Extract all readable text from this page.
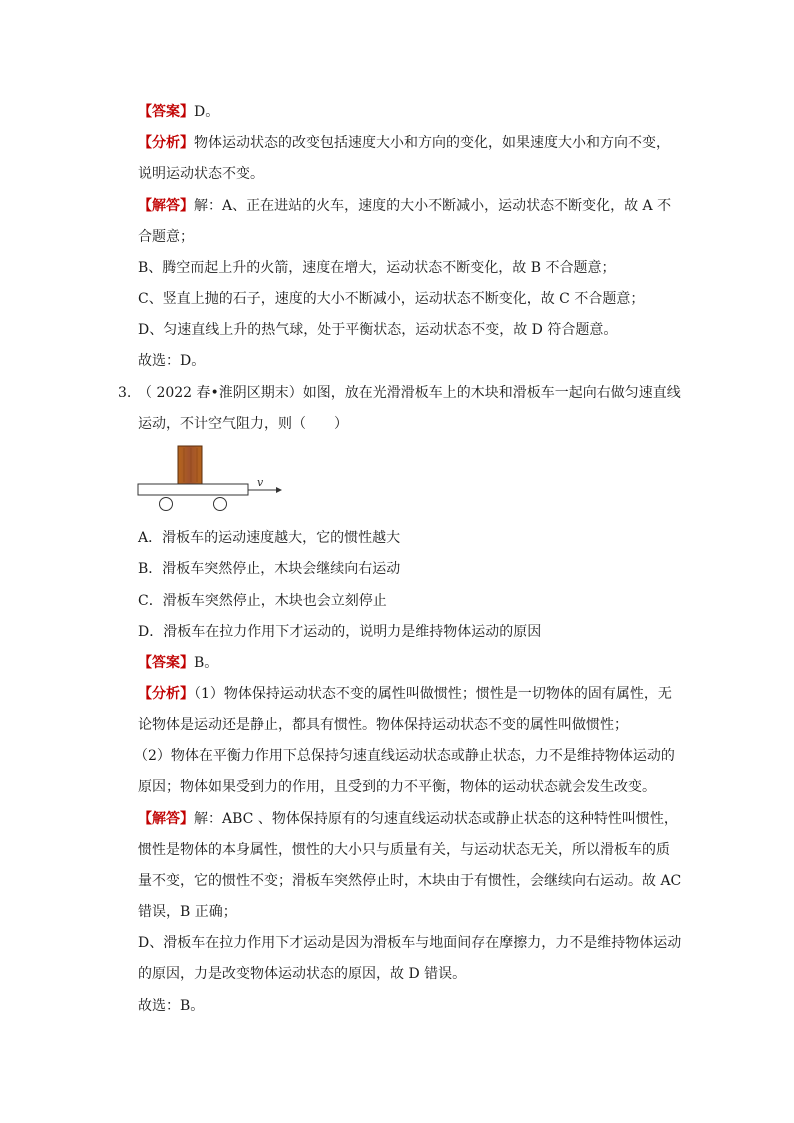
【答案】D。
【分析】物体运动状态的改变包括速度大小和方向的变化，如果速度大小和方向不变，
说明运动状态不变。
【解答】解：A、正在进站的火车，速度的大小不断减小，运动状态不断变化，故 A 不
合题意；
B、腾空而起上升的火箭，速度在增大，运动状态不断变化，故 B 不合题意；
C、竖直上抛的石子，速度的大小不断减小，运动状态不断变化，故 C 不合题意；
D、匀速直线上升的热气球，处于平衡状态，运动状态不变，故 D 符合题意。
故选：D。
3. （ 2022 春•淮阴区期末）如图，放在光滑滑板车上的木块和滑板车一起向右做匀速直线
运动，不计空气阻力，则（　　）
v
A．滑板车的运动速度越大，它的惯性越大
B．滑板车突然停止，木块会继续向右运动
C．滑板车突然停止，木块也会立刻停止
D．滑板车在拉力作用下才运动的，说明力是维持物体运动的原因
【答案】B。
【分析】（1）物体保持运动状态不变的属性叫做惯性；惯性是一切物体的固有属性，无
论物体是运动还是静止，都具有惯性。物体保持运动状态不变的属性叫做惯性；
（2）物体在平衡力作用下总保持匀速直线运动状态或静止状态，力不是维持物体运动的
原因；物体如果受到力的作用，且受到的力不平衡，物体的运动状态就会发生改变。
【解答】解：ABC 、物体保持原有的匀速直线运动状态或静止状态的这种特性叫惯性，
惯性是物体的本身属性，惯性的大小只与质量有关，与运动状态无关，所以滑板车的质
量不变，它的惯性不变；滑板车突然停止时，木块由于有惯性，会继续向右运动。故 AC
错误，B 正确；
D、滑板车在拉力作用下才运动是因为滑板车与地面间存在摩擦力，力不是维持物体运动
的原因，力是改变物体运动状态的原因，故 D 错误。
故选：B。
